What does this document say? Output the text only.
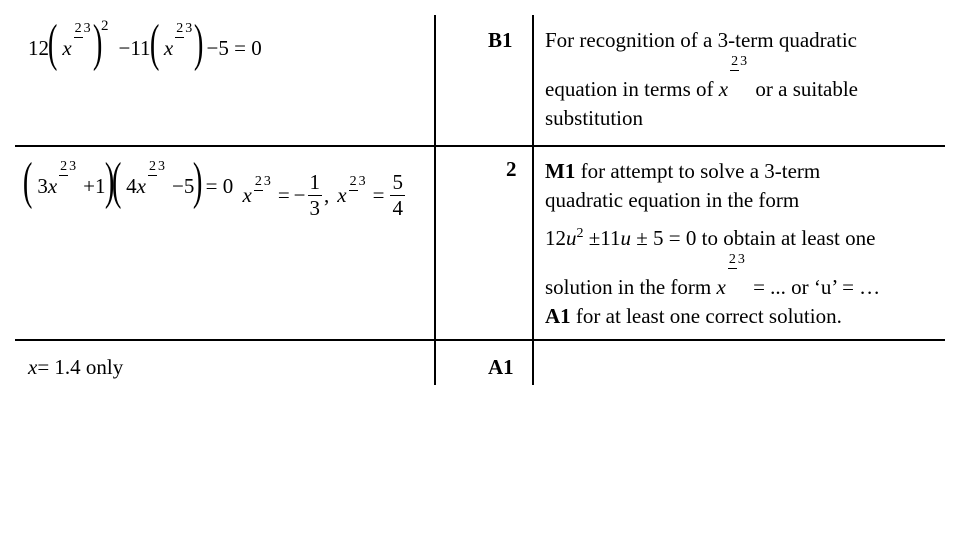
12
( x2 3 )
2
−11
( x2 3 ) −5 = 0	B1 For recognition of a 3-term quadratic
equation in terms of x2 3 or a suitable
substitution
( 3x2 3+1
)
( 4x2 3−5
) = 0
x
2 3
= − $\frac{1}{3}$ , x
2 3
= $\frac{5}{4}$
2 M1 for attempt to solve a 3-term
quadratic equation in the form
$12u^2 \pm 11u \pm 5 = 0$ to obtain at least one
solution in the form x2 3 = ... or ‘u’ = …
A1 for at least one correct solution.
x= 1.4 only	A1
